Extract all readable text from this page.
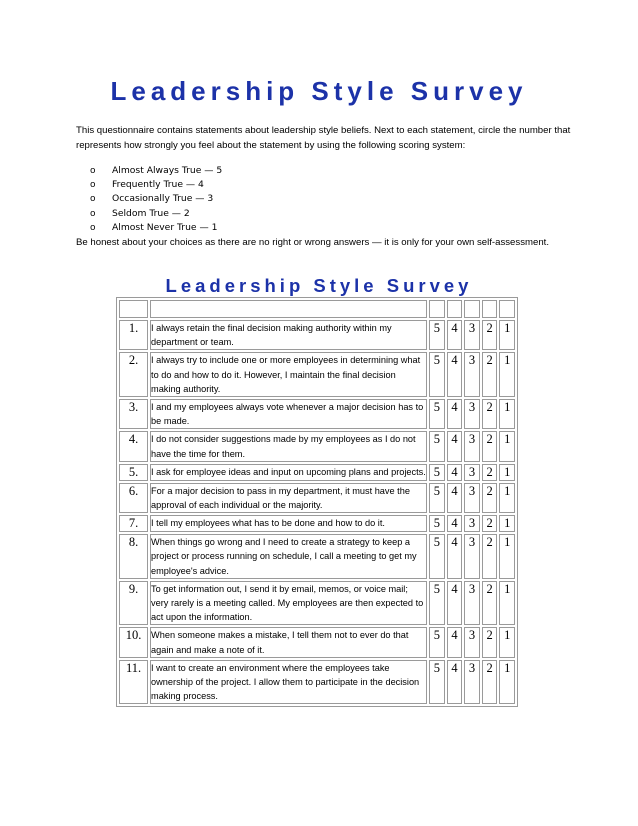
Leadership Style Survey
This questionnaire contains statements about leadership style beliefs. Next to each statement, circle the number that represents how strongly you feel about the statement by using the following scoring system:
o Almost Always True — 5
o Frequently True — 4
o Occasionally True — 3
o Seldom True — 2
o Almost Never True — 1
Be honest about your choices as there are no right or wrong answers — it is only for your own self-assessment.
Leadership Style Survey

1.	I always retain the final decision making authority within my department or team.	5	4	3	2	1
2.	I always try to include one or more employees in determining what to do and how to do it. However, I maintain the final decision making authority.	5	4	3	2	1
3.	I and my employees always vote whenever a major decision has to be made.	5	4	3	2	1
4.	I do not consider suggestions made by my employees as I do not have the time for them.	5	4	3	2	1
5.	I ask for employee ideas and input on upcoming plans and projects.	5	4	3	2	1
6.	For a major decision to pass in my department, it must have the approval of each individual or the majority.	5	4	3	2	1
7.	I tell my employees what has to be done and how to do it.	5	4	3	2	1
8.	When things go wrong and I need to create a strategy to keep a project or process running on schedule, I call a meeting to get my employee's advice.	5	4	3	2	1
9.	To get information out, I send it by email, memos, or voice mail; very rarely is a meeting called. My employees are then expected to act upon the information.	5	4	3	2	1
10.	When someone makes a mistake, I tell them not to ever do that again and make a note of it.	5	4	3	2	1
11.	I want to create an environment where the employees take ownership of the project. I allow them to participate in the decision making process.	5	4	3	2	1
